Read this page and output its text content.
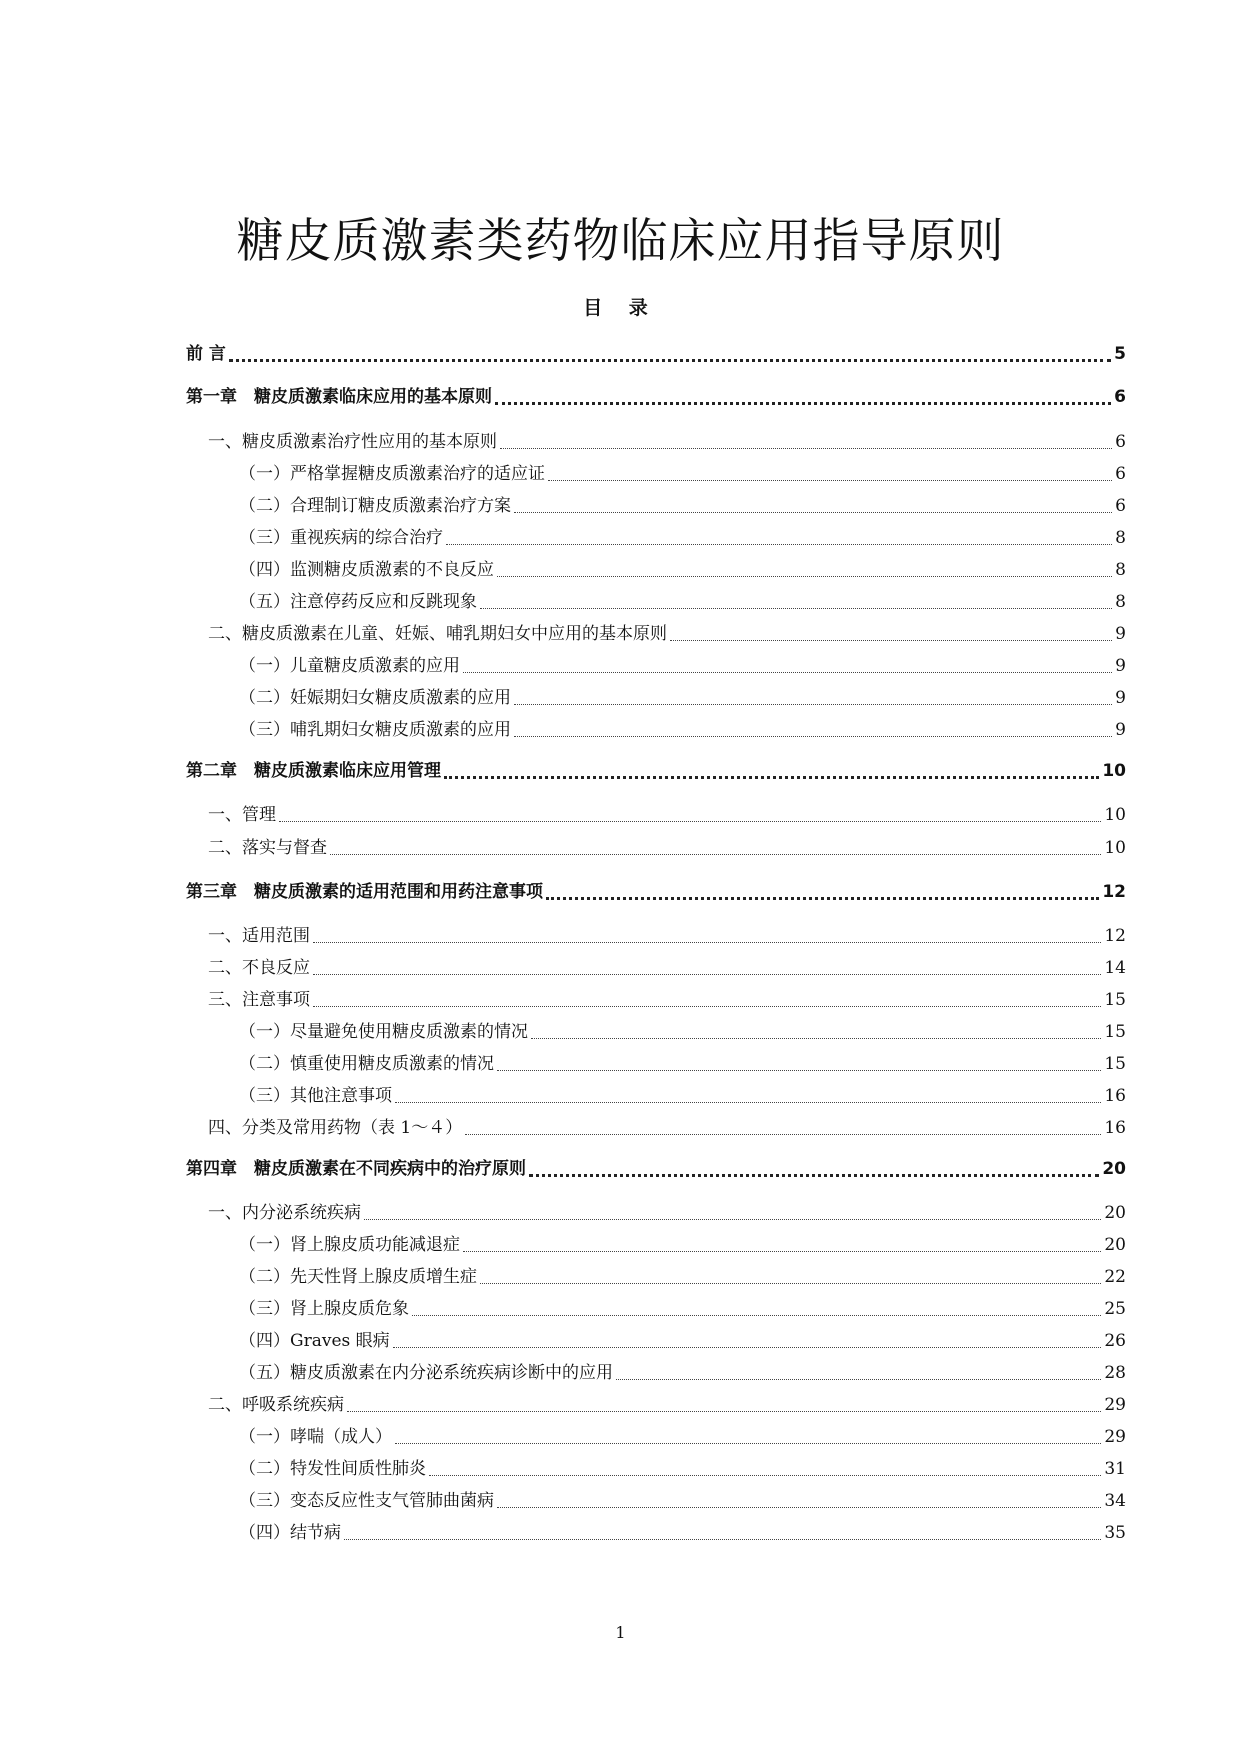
糖皮质激素类药物临床应用指导原则
目 录
前 言	5
第一章　糖皮质激素临床应用的基本原则	6
一、糖皮质激素治疗性应用的基本原则	6
（一）严格掌握糖皮质激素治疗的适应证	6
（二）合理制订糖皮质激素治疗方案	6
（三）重视疾病的综合治疗	8
（四）监测糖皮质激素的不良反应	8
（五）注意停药反应和反跳现象	8
二、糖皮质激素在儿童、妊娠、哺乳期妇女中应用的基本原则	9
（一）儿童糖皮质激素的应用	9
（二）妊娠期妇女糖皮质激素的应用	9
（三）哺乳期妇女糖皮质激素的应用	9
第二章　糖皮质激素临床应用管理	10
一、管理	10
二、落实与督查	10
第三章　糖皮质激素的适用范围和用药注意事项	12
一、适用范围	12
二、不良反应	14
三、注意事项	15
（一）尽量避免使用糖皮质激素的情况	15
（二）慎重使用糖皮质激素的情况	15
（三）其他注意事项	16
四、分类及常用药物（表 1～４）	16
第四章　糖皮质激素在不同疾病中的治疗原则	20
一、内分泌系统疾病	20
（一）肾上腺皮质功能减退症	20
（二）先天性肾上腺皮质增生症	22
（三）肾上腺皮质危象	25
（四）Graves 眼病	26
（五）糖皮质激素在内分泌系统疾病诊断中的应用	28
二、呼吸系统疾病	29
（一）哮喘（成人）	29
（二）特发性间质性肺炎	31
（三）变态反应性支气管肺曲菌病	34
（四）结节病	35
1
